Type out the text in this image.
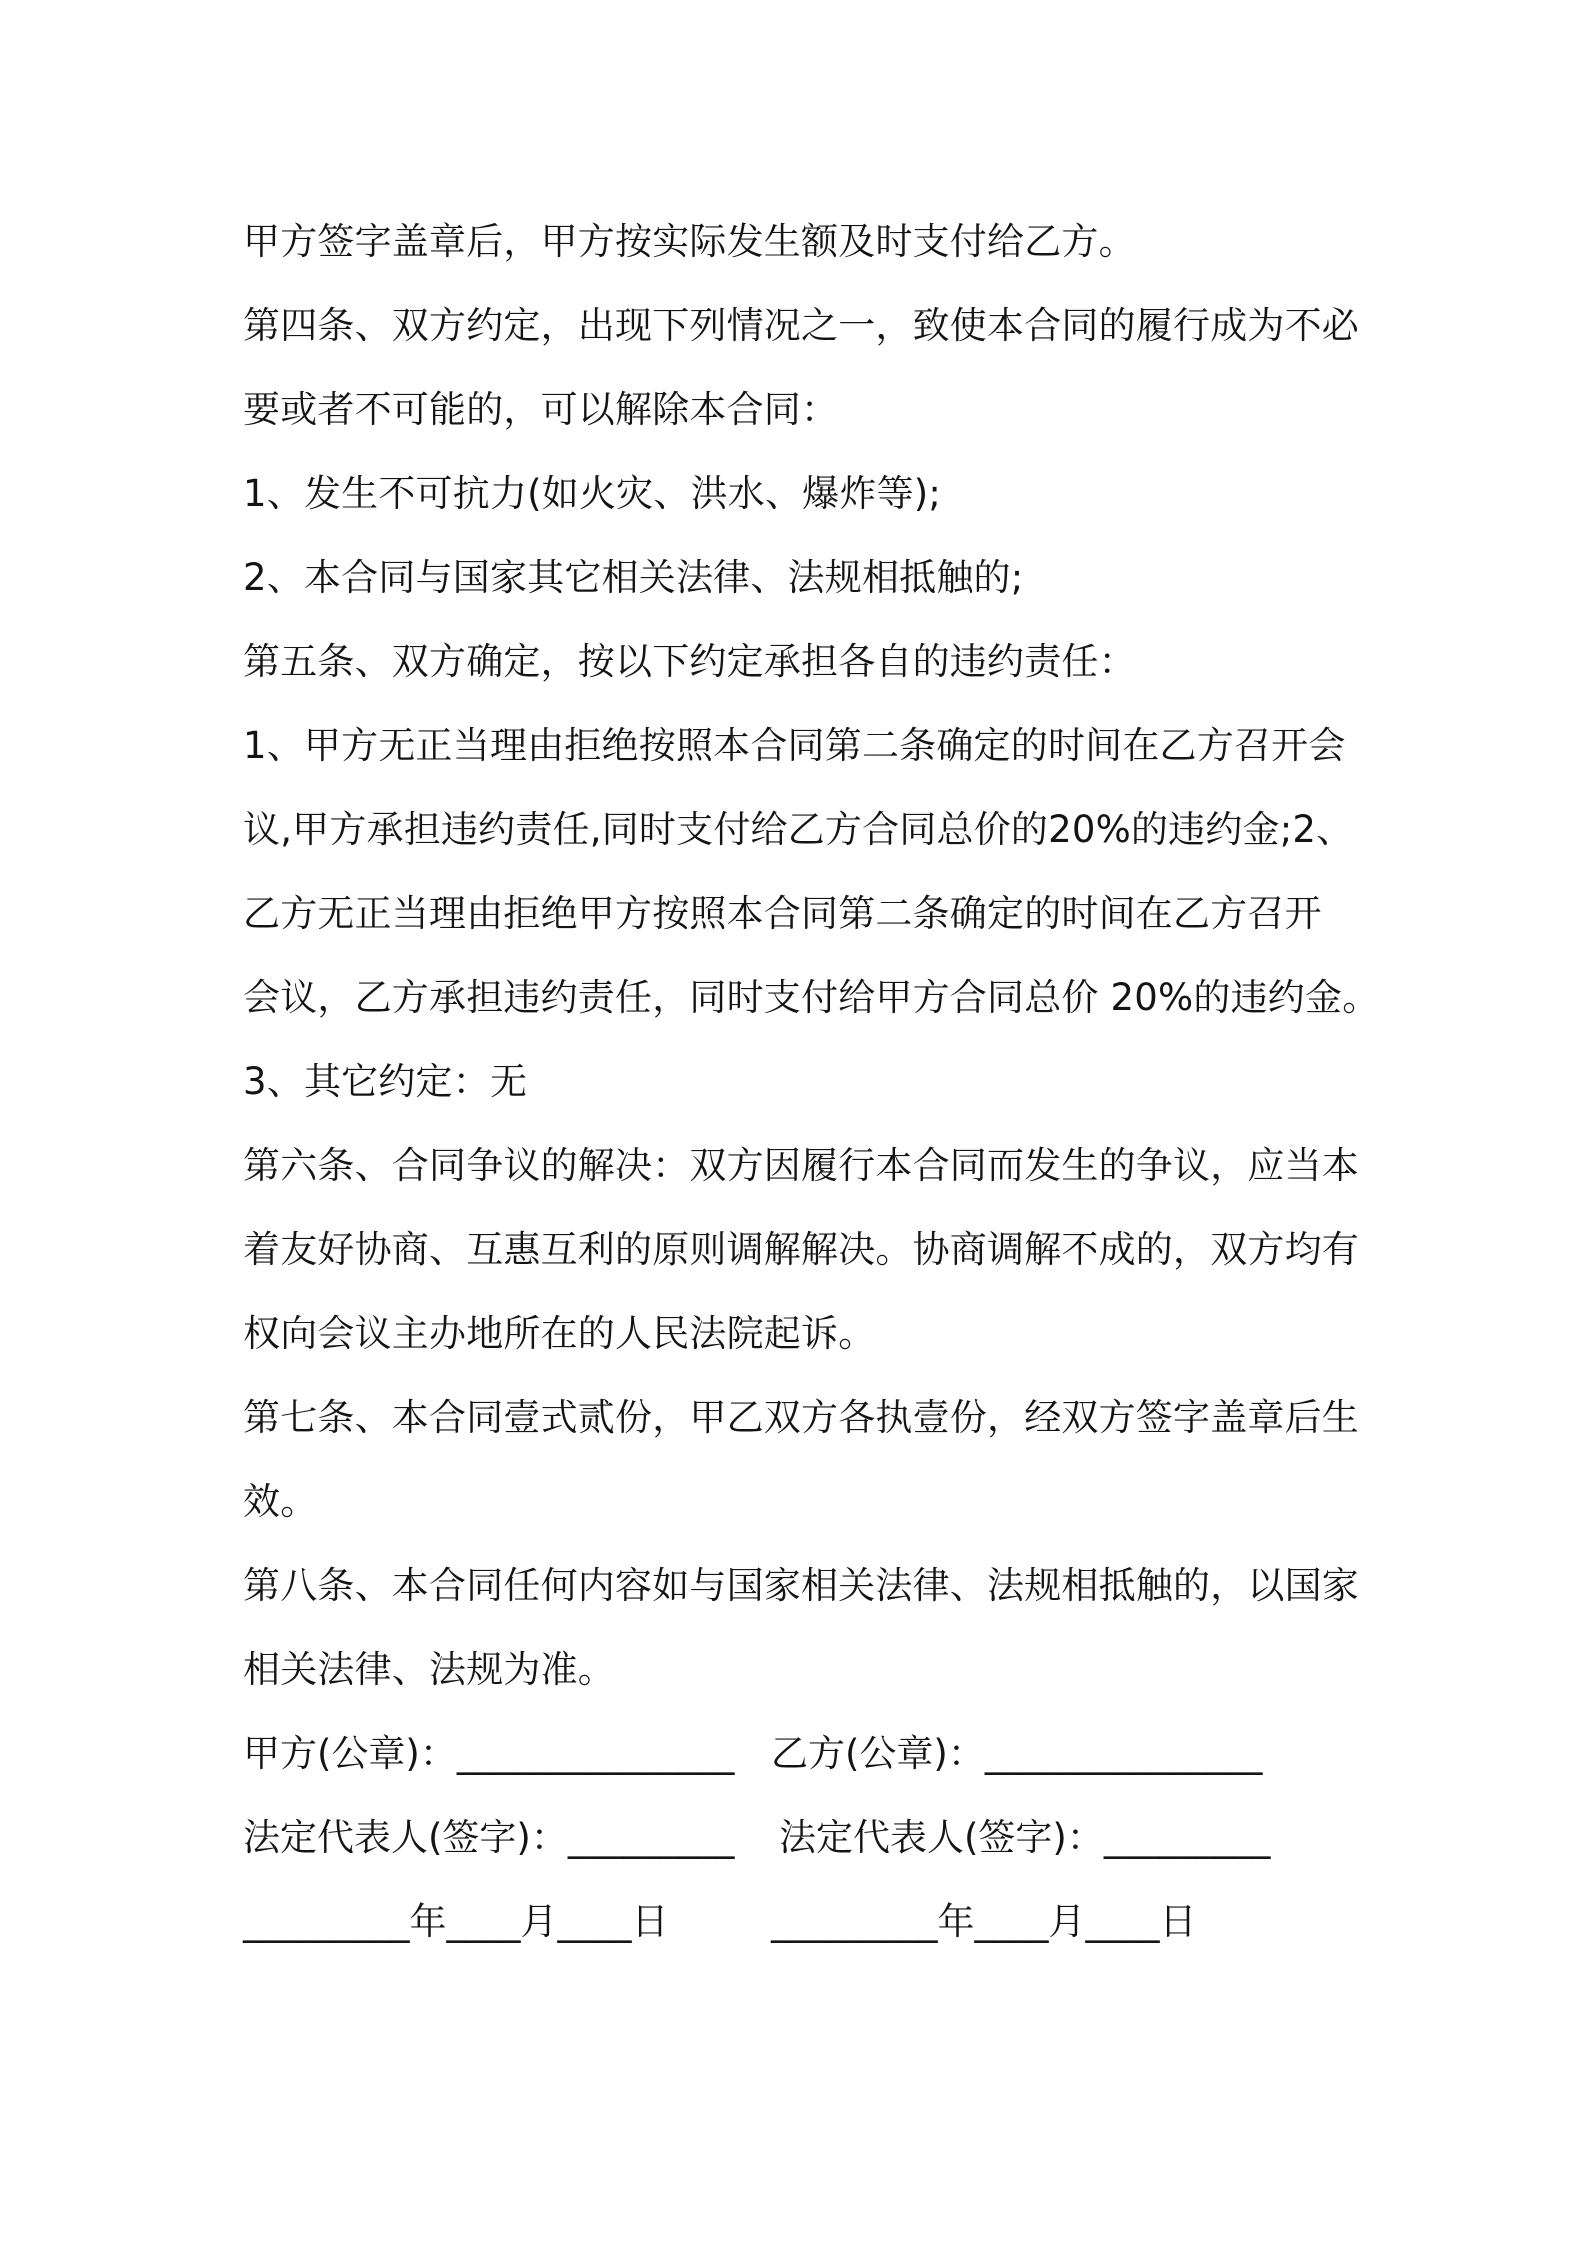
甲方签字盖章后，甲方按实际发生额及时支付给乙方。
第四条、双方约定，出现下列情况之一，致使本合同的履行成为不必
要或者不可能的，可以解除本合同：
1、发生不可抗力(如火灾、洪水、爆炸等);
2、本合同与国家其它相关法律、法规相抵触的;
第五条、双方确定，按以下约定承担各自的违约责任：
1、甲方无正当理由拒绝按照本合同第二条确定的时间在乙方召开会
议,甲方承担违约责任,同时支付给乙方合同总价的20%的违约金;2、
乙方无正当理由拒绝甲方按照本合同第二条确定的时间在乙方召开
会议，乙方承担违约责任，同时支付给甲方合同总价 20%的违约金。
3、其它约定：无
第六条、合同争议的解决：双方因履行本合同而发生的争议，应当本
着友好协商、互惠互利的原则调解解决。协商调解不成的，双方均有
权向会议主办地所在的人民法院起诉。
第七条、本合同壹式贰份，甲乙双方各执壹份，经双方签字盖章后生
效。
第八条、本合同任何内容如与国家相关法律、法规相抵触的，以国家
相关法律、法规为准。
甲方(公章)：_______________ 乙方(公章)：_______________
法定代表人(签字)：_________ 法定代表人(签字)：_________
_________年____月____日	_________年____月____日
